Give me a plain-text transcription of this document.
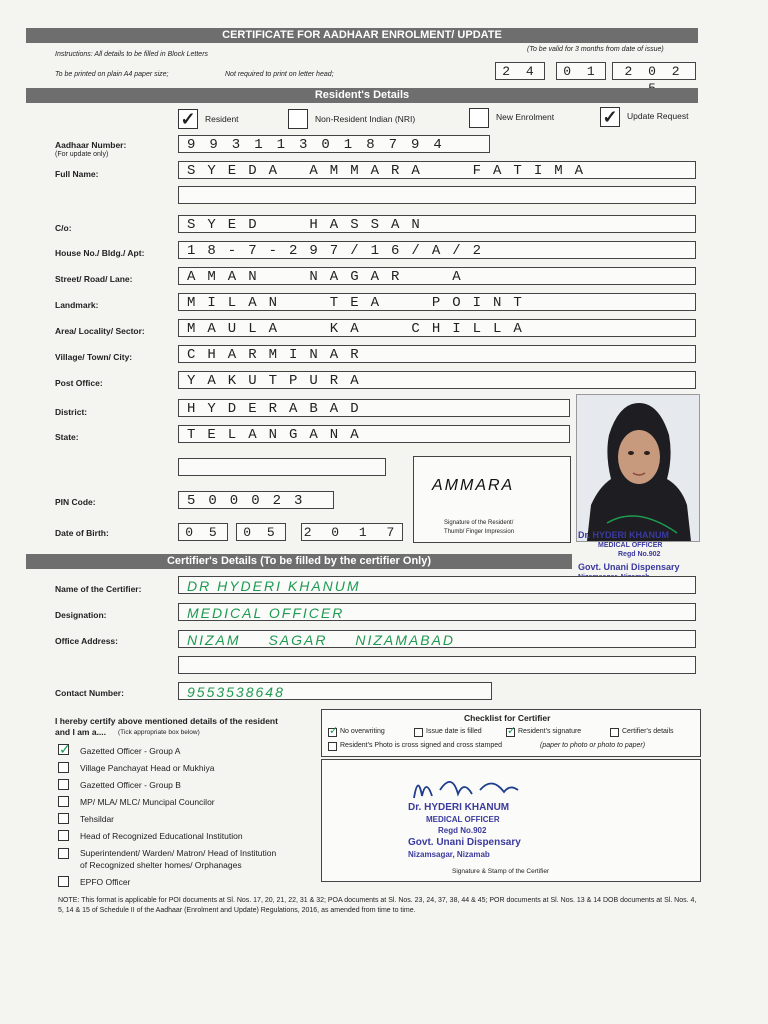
CERTIFICATE FOR AADHAAR ENROLMENT/ UPDATE
Instructions: All details to be filled in Block Letters
(To be valid for 3 months from date of issue)
To be printed on plain A4 paper size;	Not required to print on letter head;	2 4	0 1	2 0 2
Resident's Details
✓ Resident	Non-Resident Indian (NRI)	New Enrolment	✓ Update Request
Aadhaar Number:
(For update only)
993113018794
Full Name:	SYEDA AMMARA  FATIMA
C/o:	SYED  HASSAN
House No./ Bldg./ Apt:	18-7-297/16/A/2
Street/ Road/ Lane:	AMAN  NAGAR  A
Landmark:	MILAN  TEA  POINT
Area/ Locality/ Sector:	MAULA  KA  CHILLA
Village/ Town/ City:	CHARMINAR
Post Office:	YAKUTPURA
District:	HYDERABAD
State:	TELANGANA
AMMARA
Signature of the Resident/
Thumb/ Finger Impression	Dr. HYDERI KHANUM
MEDICAL OFFICER
Regd No.902
Govt. Unani Dispensary
PIN Code:	500023
Date of Birth:	0 5	0 5	2 0 1 7
Certifier's Details (To be filled by the certifier Only)
Name of the Certifier:	DR HYDERI KHANUM
Designation:	MEDICAL OFFICER
Office Address:	NIZAM SAGAR NIZAMABAD
Contact Number:	9553538648
I hereby certify above mentioned details of the resident
and I am a.... (Tick appropriate box below)
✓ Gazetted Officer - Group A
Village Panchayat Head or Mukhiya
Gazetted Officer - Group B
MP/ MLA/ MLC/ Muncipal Councilor
Tehsildar
Head of Recognized Educational Institution
Superintendent/ Warden/ Matron/ Head of Institution
of Recognized shelter homes/ Orphanages
EPFO Officer
Checklist for Certifier
✓ No overwriting	Issue date is filled ✓ Resident's signature	Certifier's details
Resident's Photo is cross signed and cross stamped	(paper to photo or photo to paper)
Dr. HYDERI KHANUM
MEDICAL OFFICER
Regd No.902
Govt. Unani Dispensary
Nizamsagar, Nizamab
Signature & Stamp of the Certifier
NOTE: This format is applicable for POI documents at Sl. Nos. 17, 20, 21, 22, 31 & 32; POA documents at Sl. Nos. 23, 24, 37, 38, 44 & 45; POR documents at Sl. Nos. 13 & 14 DOB documents at Sl. Nos. 4, 5, 14 & 15 of Schedule II of the Aadhaar (Enrolment and Update) Regulations, 2016, as amended from time to time.
